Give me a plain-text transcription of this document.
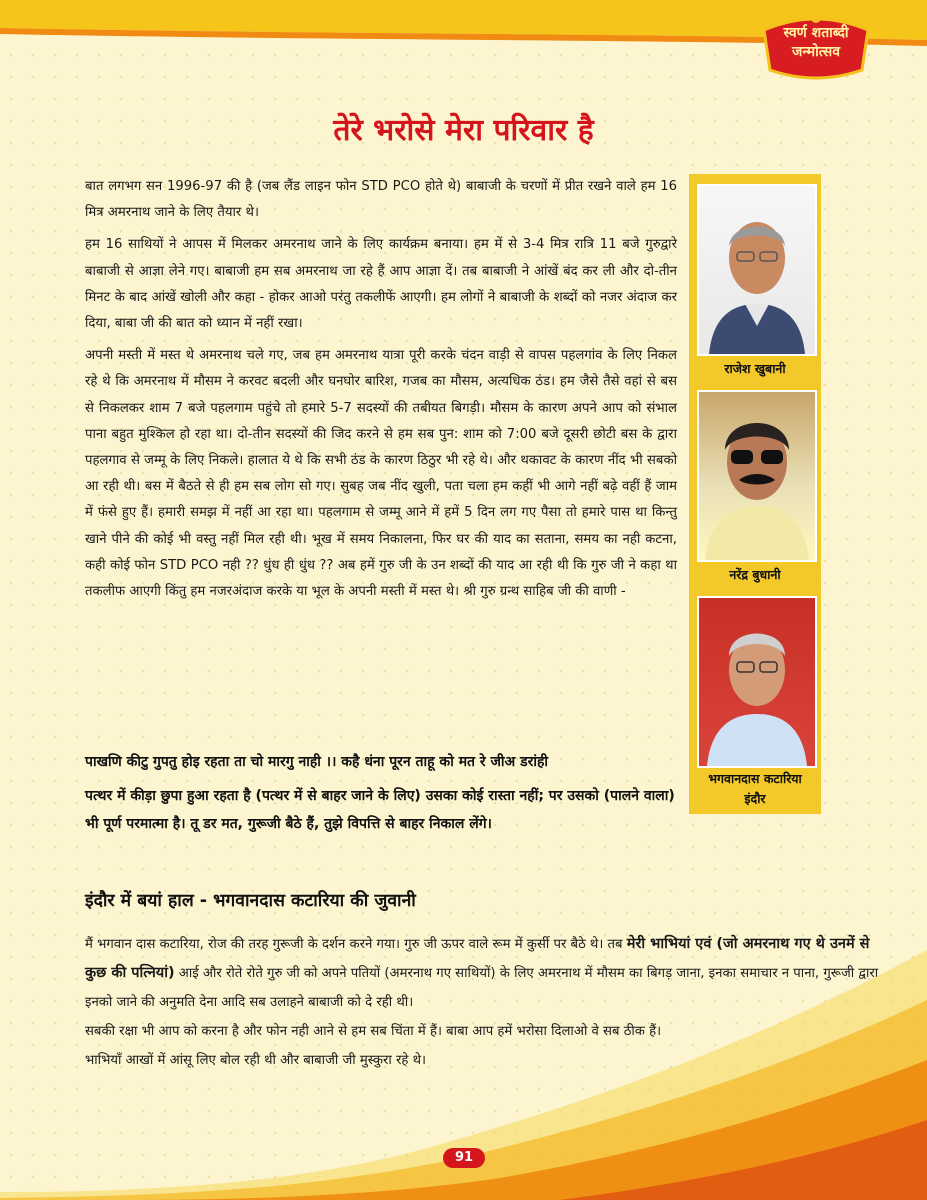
स्वर्ण शताब्दी
जन्मोत्सव
तेरे भरोसे मेरा परिवार है

बात लगभग सन 1996-97 की है (जब लैंड लाइन फोन STD PCO होते थे) बाबाजी के चरणों में प्रीत रखने वाले हम 16 मित्र अमरनाथ जाने के लिए तैयार थे।

हम 16 साथियों ने आपस में मिलकर अमरनाथ जाने के लिए कार्यक्रम बनाया। हम में से 3-4 मित्र रात्रि 11 बजे गुरुद्वारे बाबाजी से आज्ञा लेने गए। बाबाजी हम सब अमरनाथ जा रहे हैं आप आज्ञा दें। तब बाबाजी ने आंखें बंद कर ली और दो-तीन मिनट के बाद आंखें खोली और कहा - होकर आओ परंतु तकलीफें आएगी। हम लोगों ने बाबाजी के शब्दों को नजर अंदाज कर दिया, बाबा जी की बात को ध्यान में नहीं रखा।

अपनी मस्ती में मस्त थे अमरनाथ चले गए, जब हम अमरनाथ यात्रा पूरी करके चंदन वाड़ी से वापस पहलगांव के लिए निकल रहे थे कि अमरनाथ में मौसम ने करवट बदली और घनघोर बारिश, गजब का मौसम, अत्यधिक ठंड। हम जैसे तैसे वहां से बस से निकलकर शाम 7 बजे पहलगाम पहुंचे तो हमारे 5-7 सदस्यों की तबीयत बिगड़ी। मौसम के कारण अपने आप को संभाल पाना बहुत मुश्किल हो रहा था। दो-तीन सदस्यों की जिद करने से हम सब पुन: शाम को 7:00 बजे दूसरी छोटी बस के द्वारा पहलगाव से जम्मू के लिए निकले। हालात ये थे कि सभी ठंड के कारण ठिठुर भी रहे थे। और थकावट के कारण नींद भी सबको आ रही थी। बस में बैठते से ही हम सब लोग सो गए। सुबह जब नींद खुली, पता चला हम कहीं भी आगे नहीं बढ़े वहीं हैं जाम में फंसे हुए हैं। हमारी समझ में नहीं आ रहा था। पहलगाम से जम्मू आने में हमें 5 दिन लग गए पैसा तो हमारे पास था किन्तु खाने पीने की कोई भी वस्तु नहीं मिल रही थी। भूख में समय निकालना, फिर घर की याद का सताना, समय का नही कटना, कही कोई फोन STD PCO नही ?? धुंध ही धुंध ?? अब हमें गुरु जी के उन शब्दों की याद आ रही थी कि गुरु जी ने कहा था तकलीफ आएगी किंतु हम नजरअंदाज करके या भूल के अपनी मस्ती में मस्त थे। श्री गुरु ग्रन्थ साहिब जी की वाणी -

पाखणि कीटु गुपतु होइ रहता ता चो मारगु नाही ।। कहै धंना पूरन ताहू को मत रे जीअ डरांही

पत्थर में कीड़ा छुपा हुआ रहता है (पत्थर में से बाहर जाने के लिए) उसका कोई रास्ता नहीं; पर उसको (पालने वाला) भी पूर्ण परमात्मा है। तू डर मत, गुरूजी बैठे हैं, तुझे विपत्ति से बाहर निकाल लेंगे।

इंदौर में बयां हाल - भगवानदास कटारिया की जुवानी

मैं भगवान दास कटारिया, रोज की तरह गुरूजी के दर्शन करने गया। गुरु जी ऊपर वाले रूम में कुर्सी पर बैठे थे। तब मेरी भाभियां एवं (जो अमरनाथ गए थे उनमें से कुछ की पत्नियां) आई और रोते रोते गुरु जी को अपने पतियों (अमरनाथ गए साथियों) के लिए अमरनाथ में मौसम का बिगड़ जाना, इनका समाचार न पाना, गुरूजी द्वारा इनको जाने की अनुमति देना आदि सब उलाहने बाबाजी को दे रही थी।

सबकी रक्षा भी आप को करना है और फोन नही आने से हम सब चिंता में हैं। बाबा आप हमें भरोसा दिलाओ वे सब ठीक हैं।

भाभियाँ आखों में आंसू लिए बोल रही थी और बाबाजी जी मुस्कुरा रहे थे।

राजेश खुबानी
नरेंद्र बुधानी
भगवानदास कटारिया
इंदौर
91
